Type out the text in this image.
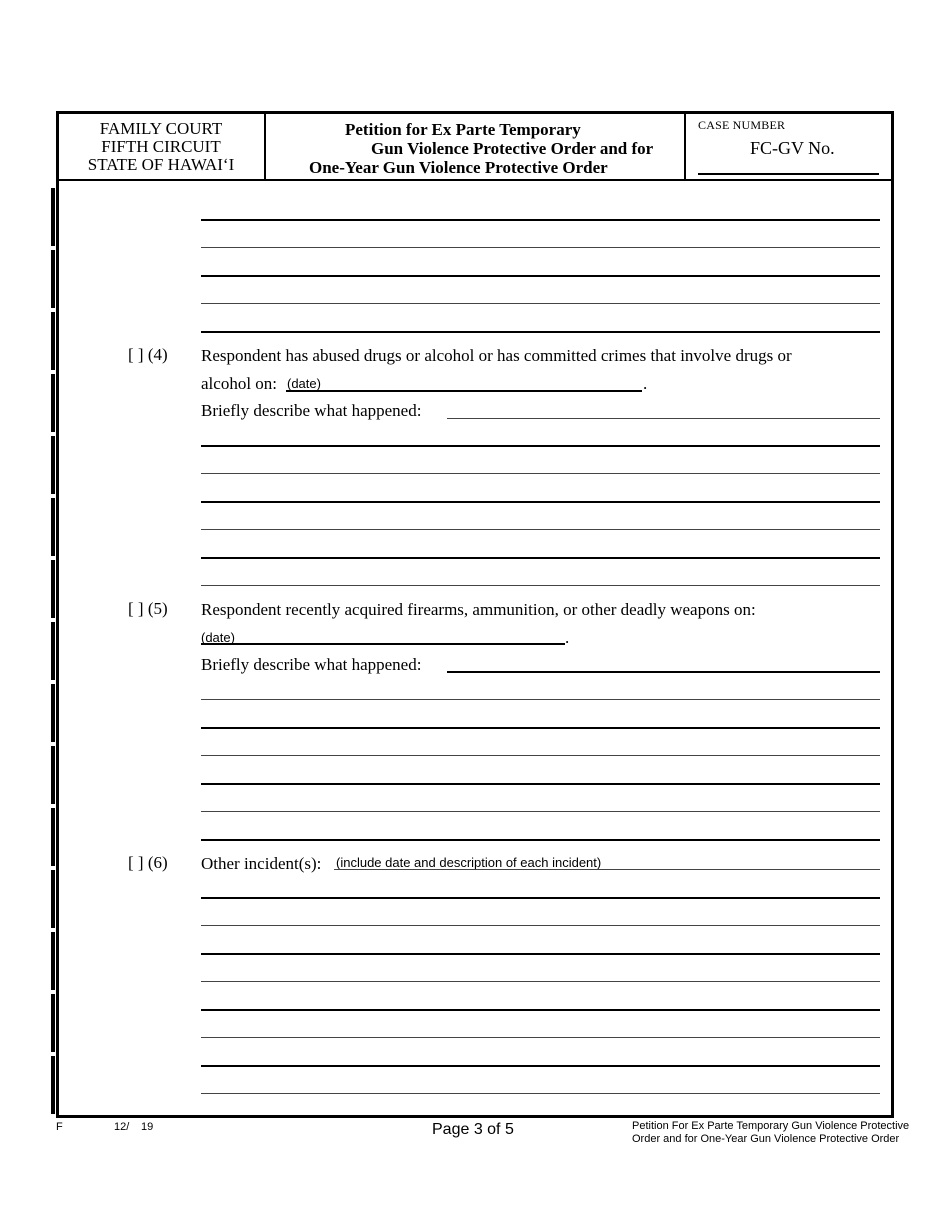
FAMILY COURT
FIFTH CIRCUIT
STATE OF HAWAI‘I
Petition for Ex Parte Temporary
Gun Violence Protective Order and for
One-Year Gun Violence Protective Order
CASE NUMBER
FC-GV No.
[ ] (4) Respondent has abused drugs or alcohol or has committed crimes that involve drugs or
alcohol on: (date)	.
Briefly describe what happened:
[ ] (5) Respondent recently acquired firearms, ammunition, or other deadly weapons on:
(date)	.
Briefly describe what happened:
[ ] (6) Other incident(s): (include date and description of each incident)
F	12/ 19	Page 3 of 5	Petition For Ex Parte Temporary Gun Violence Protective
Order and for One-Year Gun Violence Protective Order
